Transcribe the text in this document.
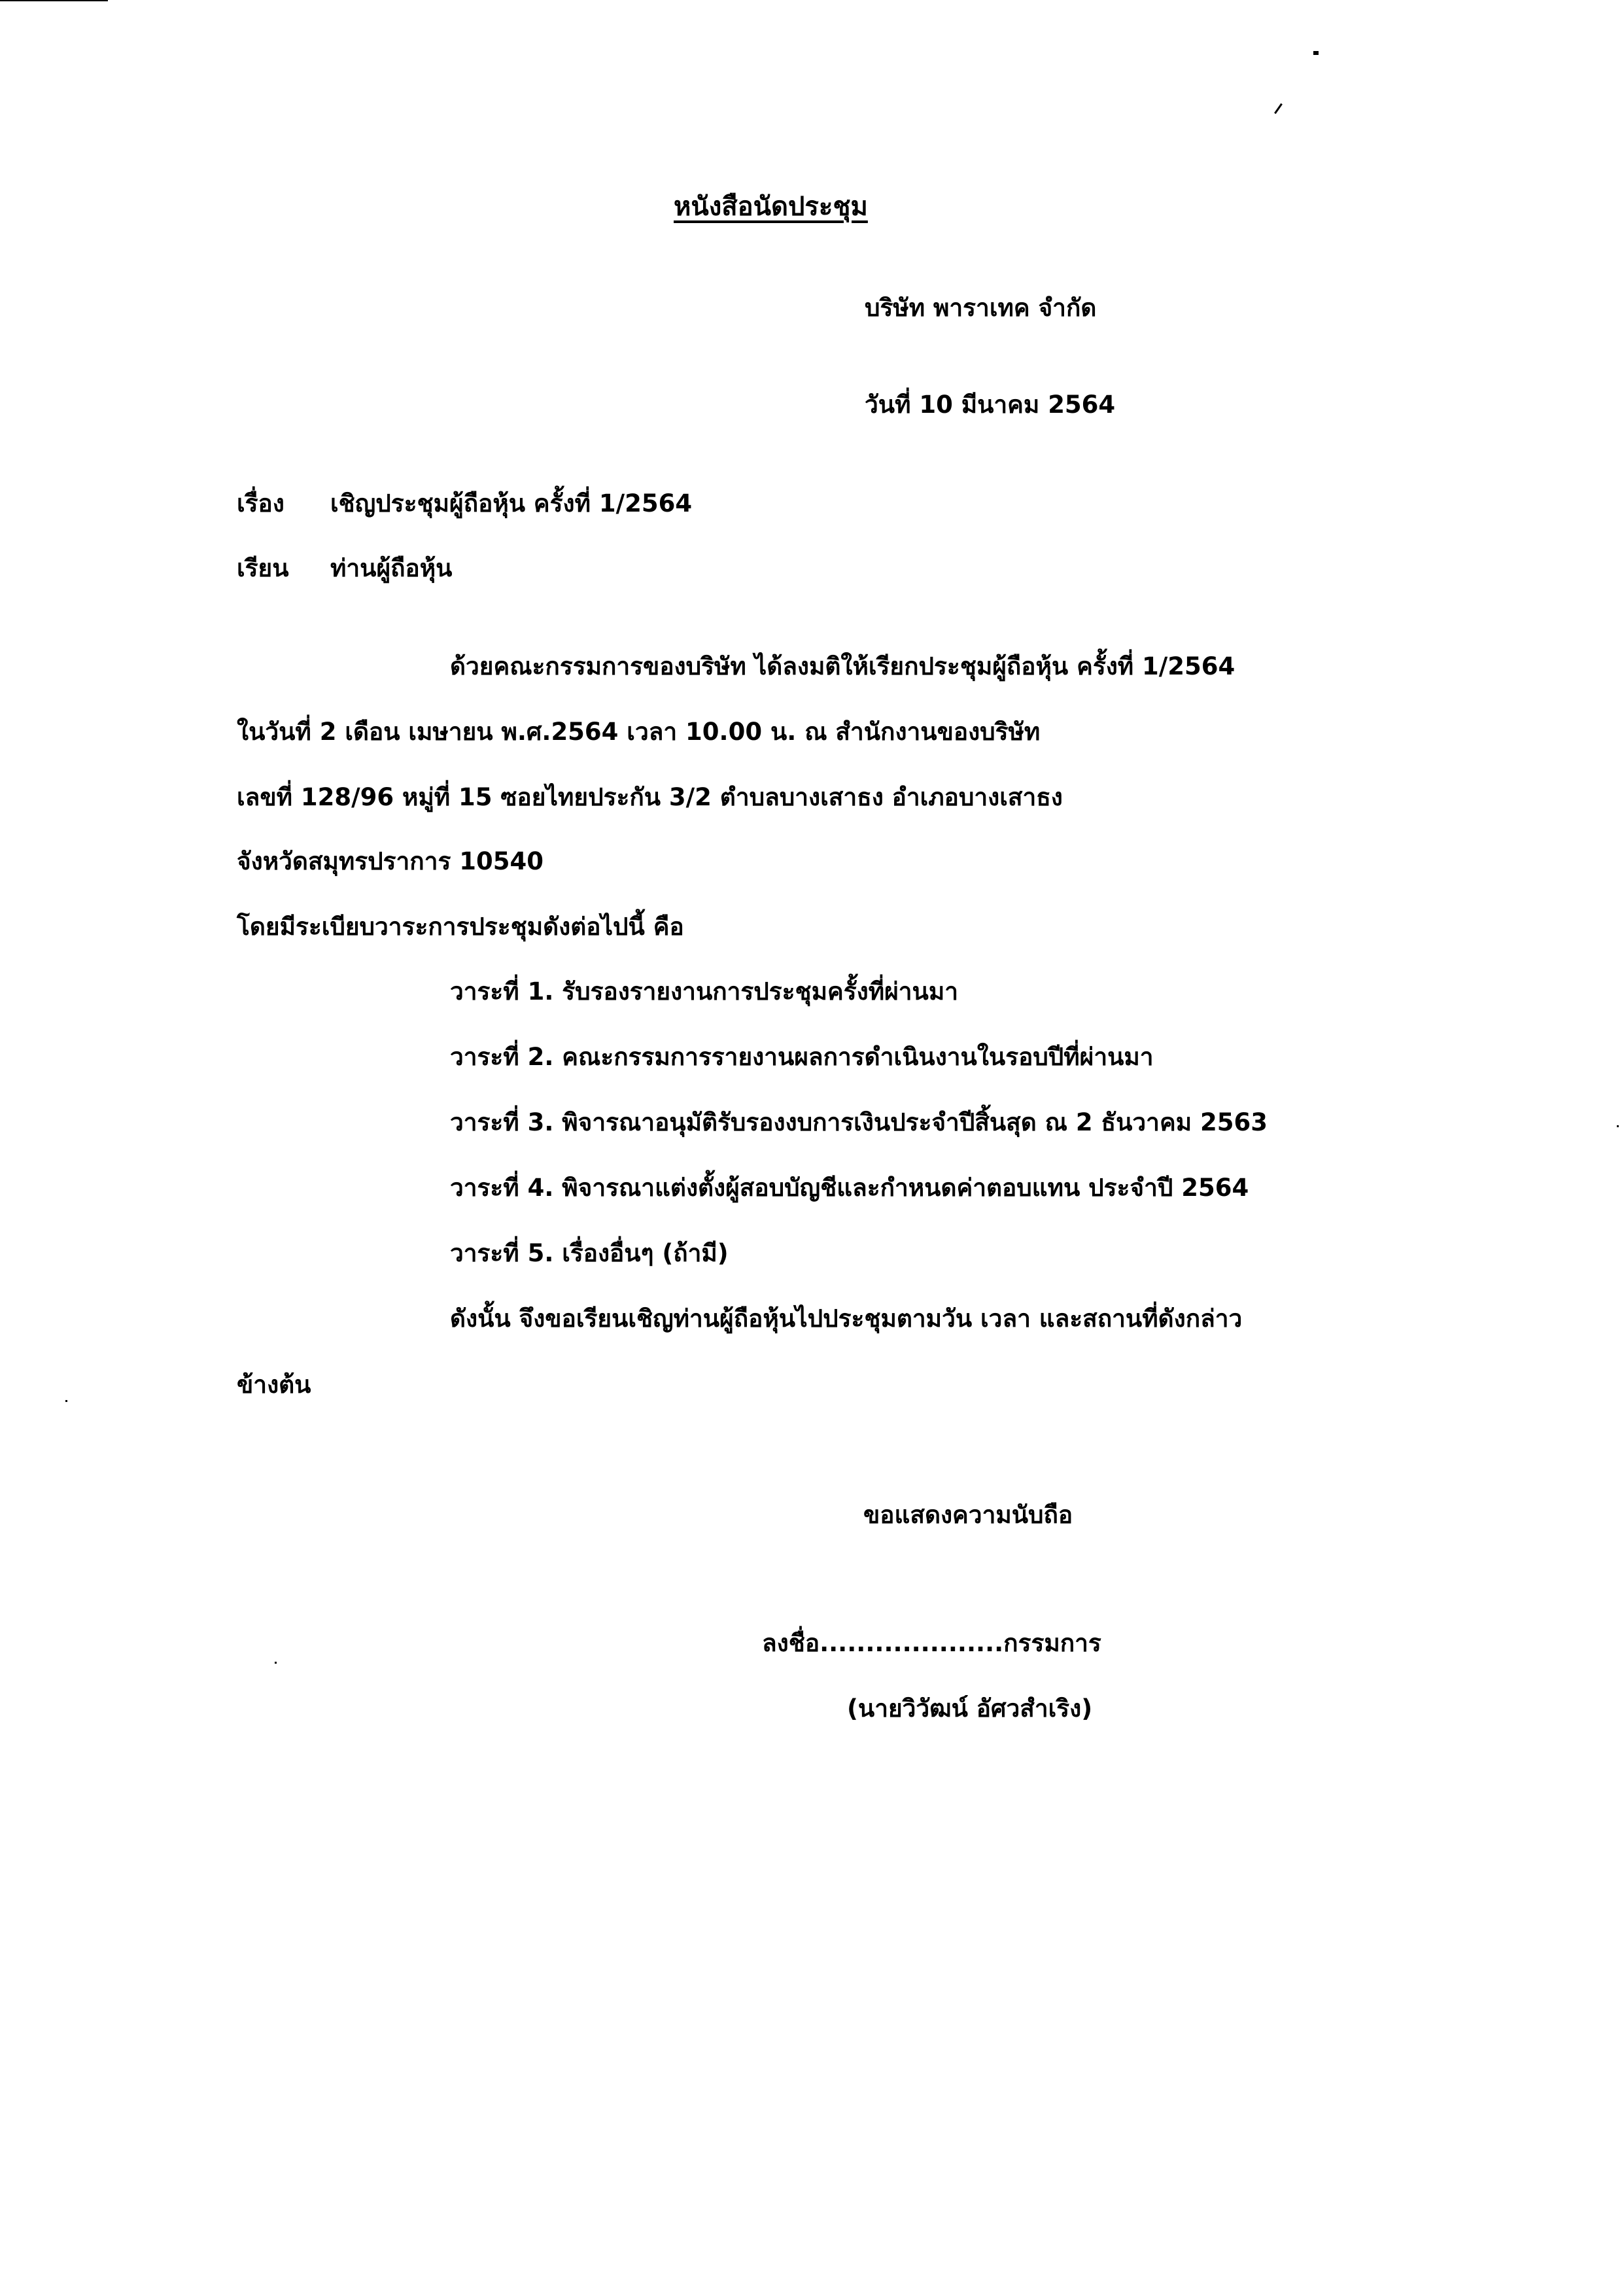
หนังสือนัดประชุม
บริษัท พาราเทค จำกัด
วันที่ 10 มีนาคม 2564
เรื่อง เชิญประชุมผู้ถือหุ้น ครั้งที่ 1/2564
เรียน ท่านผู้ถือหุ้น
ด้วยคณะกรรมการของบริษัท ได้ลงมติให้เรียกประชุมผู้ถือหุ้น ครั้งที่ 1/2564
ในวันที่ 2 เดือน เมษายน พ.ศ.2564 เวลา 10.00 น. ณ สำนักงานของบริษัท
เลขที่ 128/96 หมู่ที่ 15 ซอยไทยประกัน 3/2 ตำบลบางเสาธง อำเภอบางเสาธง
จังหวัดสมุทรปราการ 10540
โดยมีระเบียบวาระการประชุมดังต่อไปนี้ คือ
วาระที่ 1. รับรองรายงานการประชุมครั้งที่ผ่านมา
วาระที่ 2. คณะกรรมการรายงานผลการดำเนินงานในรอบปีที่ผ่านมา
วาระที่ 3. พิจารณาอนุมัติรับรองงบการเงินประจำปีสิ้นสุด ณ 2 ธันวาคม 2563
วาระที่ 4. พิจารณาแต่งตั้งผู้สอบบัญชีและกำหนดค่าตอบแทน ประจำปี 2564
วาระที่ 5. เรื่องอื่นๆ (ถ้ามี)
ดังนั้น จึงขอเรียนเชิญท่านผู้ถือหุ้นไปประชุมตามวัน เวลา และสถานที่ดังกล่าว
ข้างต้น
ขอแสดงความนับถือ
ลงชื่อ....................กรรมการ
(นายวิวัฒน์ อัศวสำเริง)
